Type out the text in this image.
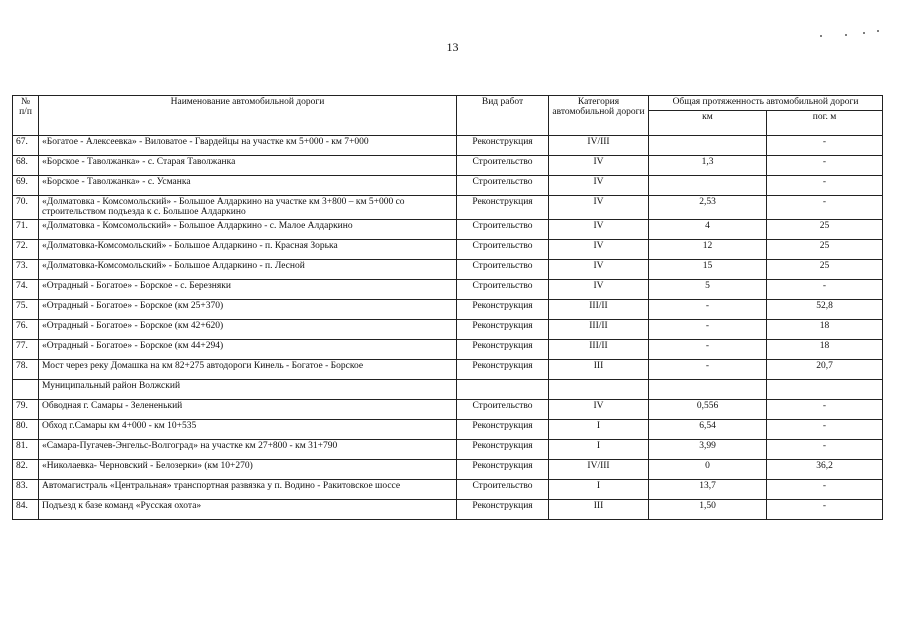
13
№ п/п	Наименование автомобильной дороги	Вид работ	Категория автомобильной дороги	Общая протяженность автомобильной дороги	
				км	пог. м
67.	«Богатое - Алексеевка» - Виловатое - Гвардейцы на участке км 5+000 - км 7+000	Реконструкция	IV/III		-
68.	«Борское - Таволжанка» - с. Старая Таволжанка	Строительство	IV	1,3	-
69.	«Борское - Таволжанка» - с. Усманка	Строительство	IV		-
70.	«Долматовка - Комсомольский» - Большое Алдаркино на участке км 3+800 – км 5+000 со строительством подъезда к с. Большое Алдаркино	Реконструкция	IV	2,53	-
71.	«Долматовка - Комсомольский» - Большое Алдаркино - с. Малое Алдаркино	Строительство	IV	4	25
72.	«Долматовка-Комсомольский» - Большое Алдаркино - п. Красная Зорька	Строительство	IV	12	25
73.	«Долматовка-Комсомольский» - Большое Алдаркино - п. Лесной	Строительство	IV	15	25
74.	«Отрадный - Богатое» - Борское - с. Березняки	Строительство	IV	5	-
75.	«Отрадный - Богатое» - Борское (км 25+370)	Реконструкция	III/II	-	52,8
76.	«Отрадный - Богатое» - Борское (км 42+620)	Реконструкция	III/II	-	18
77.	«Отрадный - Богатое» - Борское (км 44+294)	Реконструкция	III/II	-	18
78.	Мост через реку Домашка на км 82+275 автодороги Кинель - Богатое - Борское	Реконструкция	III	-	20,7
	Муниципальный район Волжский				
79.	Обводная г. Самары - Зелененький	Строительство	IV	0,556	-
80.	Обход г.Самары км 4+000 - км 10+535	Реконструкция	I	6,54	-
81.	«Самара-Пугачев-Энгельс-Волгоград» на участке км 27+800 - км 31+790	Реконструкция	I	3,99	-
82.	«Николаевка- Черновский - Белозерки» (км 10+270)	Реконструкция	IV/III	0	36,2
83.	Автомагистраль «Центральная» транспортная развязка у п. Водино - Ракитовское шоссе	Строительство	I	13,7	-
84.	Подъезд к базе команд «Русская охота»	Реконструкция	III	1,50	-
